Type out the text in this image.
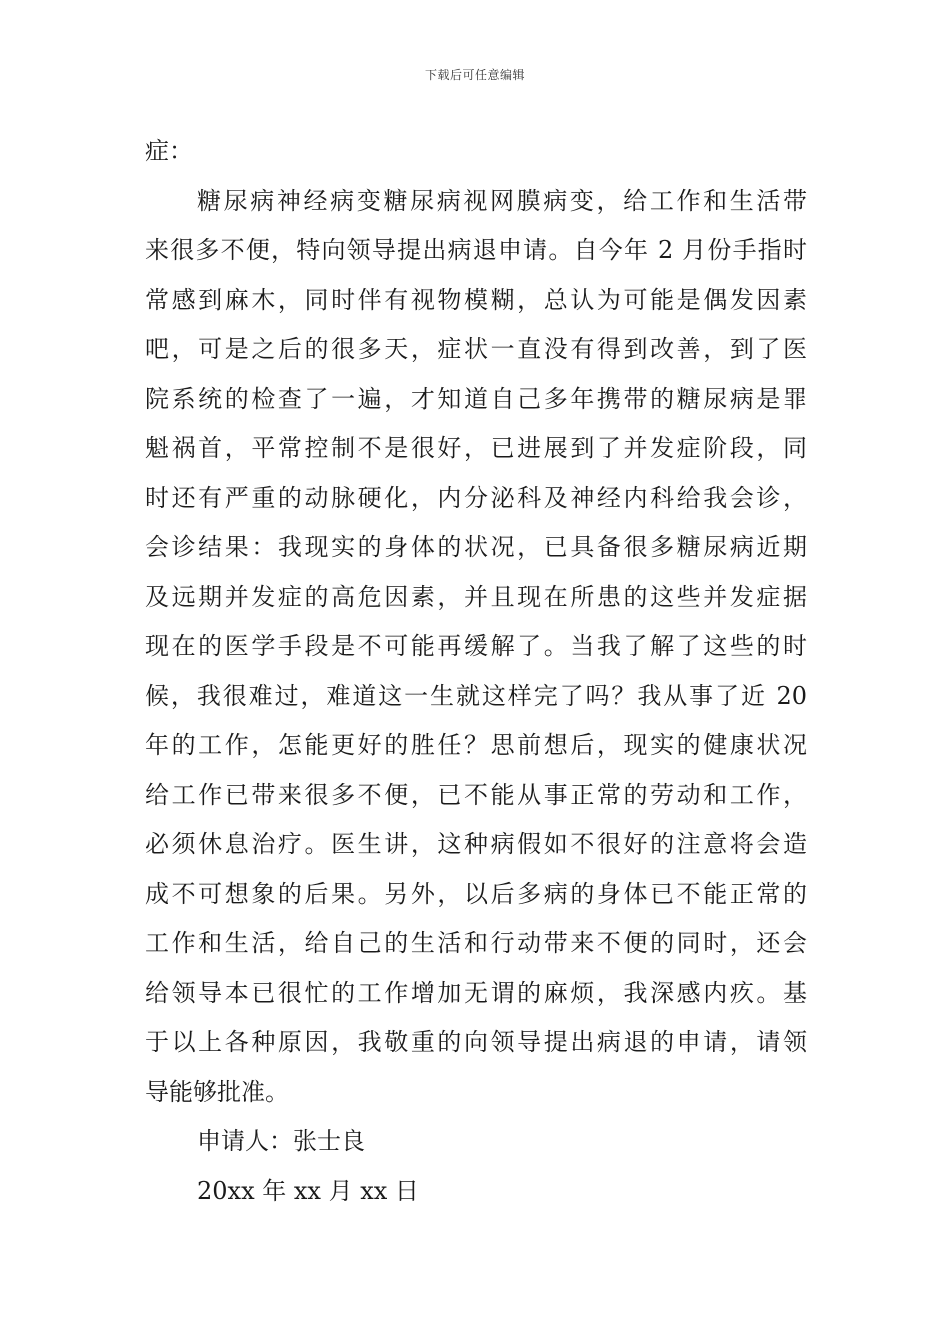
下载后可任意编辑
症：
糖尿病神经病变糖尿病视网膜病变，给工作和生活带
来很多不便，特向领导提出病退申请。自今年 2 月份手指时
常感到麻木，同时伴有视物模糊，总认为可能是偶发因素
吧，可是之后的很多天，症状一直没有得到改善，到了医
院系统的检查了一遍，才知道自己多年携带的糖尿病是罪
魁祸首，平常控制不是很好，已进展到了并发症阶段，同
时还有严重的动脉硬化，内分泌科及神经内科给我会诊，
会诊结果：我现实的身体的状况，已具备很多糖尿病近期
及远期并发症的高危因素，并且现在所患的这些并发症据
现在的医学手段是不可能再缓解了。当我了解了这些的时
候，我很难过，难道这一生就这样完了吗？我从事了近 20
年的工作，怎能更好的胜任？思前想后，现实的健康状况
给工作已带来很多不便，已不能从事正常的劳动和工作，
必须休息治疗。医生讲，这种病假如不很好的注意将会造
成不可想象的后果。另外，以后多病的身体已不能正常的
工作和生活，给自己的生活和行动带来不便的同时，还会
给领导本已很忙的工作增加无谓的麻烦，我深感内疚。基
于以上各种原因，我敬重的向领导提出病退的申请，请领
导能够批准。
申请人：张士良
20xx 年 xx 月 xx 日
